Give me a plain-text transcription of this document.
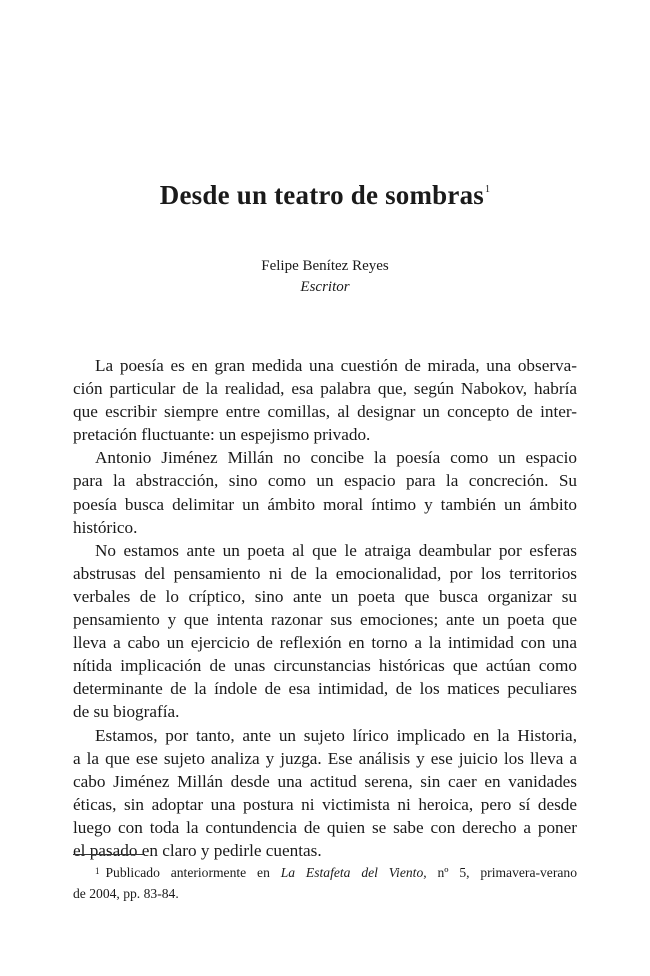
Desde un teatro de sombras$^1$
Felipe Benítez Reyes
Escritor
La poesía es en gran medida una cuestión de mirada, una observa-
ción particular de la realidad, esa palabra que, según Nabokov, habría
que escribir siempre entre comillas, al designar un concepto de inter-
pretación fluctuante: un espejismo privado.
Antonio Jiménez Millán no concibe la poesía como un espacio
para la abstracción, sino como un espacio para la concreción. Su
poesía busca delimitar un ámbito moral íntimo y también un ámbito
histórico.
No estamos ante un poeta al que le atraiga deambular por esferas
abstrusas del pensamiento ni de la emocionalidad, por los territorios
verbales de lo críptico, sino ante un poeta que busca organizar su
pensamiento y que intenta razonar sus emociones; ante un poeta que
lleva a cabo un ejercicio de reflexión en torno a la intimidad con una
nítida implicación de unas circunstancias históricas que actúan como
determinante de la índole de esa intimidad, de los matices peculiares
de su biografía.
Estamos, por tanto, ante un sujeto lírico implicado en la Historia,
a la que ese sujeto analiza y juzga. Ese análisis y ese juicio los lleva a
cabo Jiménez Millán desde una actitud serena, sin caer en vanidades
éticas, sin adoptar una postura ni victimista ni heroica, pero sí desde
luego con toda la contundencia de quien se sabe con derecho a poner
el pasado en claro y pedirle cuentas.
$^1$ Publicado anteriormente en La Estafeta del Viento, nº 5, primavera-verano
de 2004, pp. 83-84.
